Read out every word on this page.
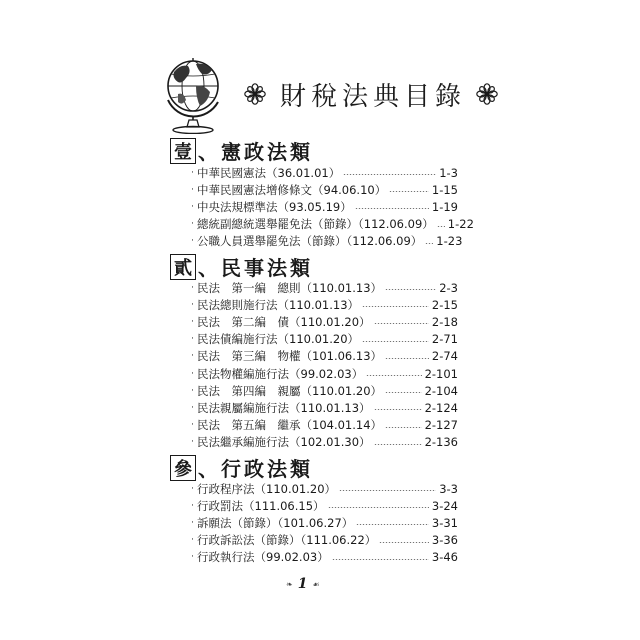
財稅法典目錄
壹 、憲政法類
· 中華民國憲法（36.01.01）	1-3
· 中華民國憲法增修條文（94.06.10）	1-15
· 中央法規標準法（93.05.19）	1-19
· 總統副總統選舉罷免法（節錄）（112.06.09） 1-22
· 公職人員選舉罷免法（節錄）（112.06.09） 1-23
貳 、民事法類
· 民法　第一編　總則（110.01.13）	2-3
· 民法總則施行法（110.01.13）	2-15
· 民法　第二編　債（110.01.20）	2-18
· 民法債編施行法（110.01.20）	2-71
· 民法　第三編　物權（101.06.13）	2-74
· 民法物權編施行法（99.02.03）	2-101
· 民法　第四編　親屬（110.01.20）	2-104
· 民法親屬編施行法（110.01.13）	2-124
· 民法　第五編　繼承（104.01.14）	2-127
· 民法繼承編施行法（102.01.30）	2-136
參 、行政法類
· 行政程序法（110.01.20）	3-3
· 行政罰法（111.06.15）	3-24
· 訴願法（節錄）（101.06.27）	3-31
· 行政訴訟法（節錄）（111.06.22）	3-36
· 行政執行法（99.02.03）	3-46
❧ 1 ☙
